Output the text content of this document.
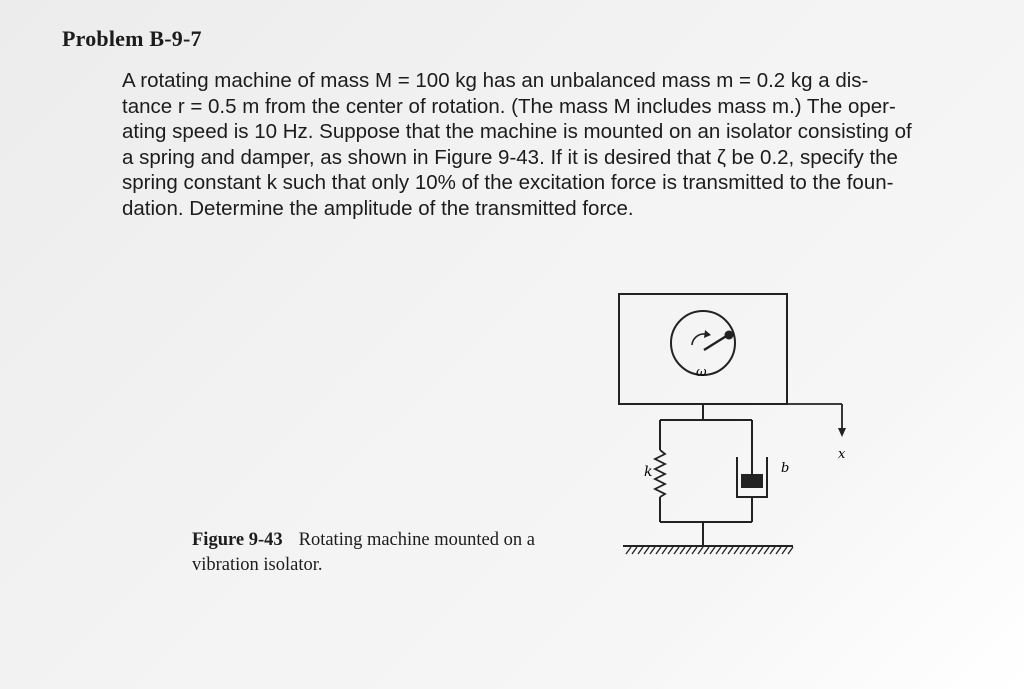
Problem B-9-7
A rotating machine of mass M = 100 kg has an unbalanced mass m = 0.2 kg a dis-
tance r = 0.5 m from the center of rotation. (The mass M includes mass m.) The oper-
ating speed is 10 Hz. Suppose that the machine is mounted on an isolator consisting of
a spring and damper, as shown in Figure 9-43. If it is desired that ζ be 0.2, specify the
spring constant k such that only 10% of the excitation force is transmitted to the foun-
dation. Determine the amplitude of the transmitted force.
ω
x
k	b
Figure 9-43 Rotating machine mounted on a vibration isolator.
